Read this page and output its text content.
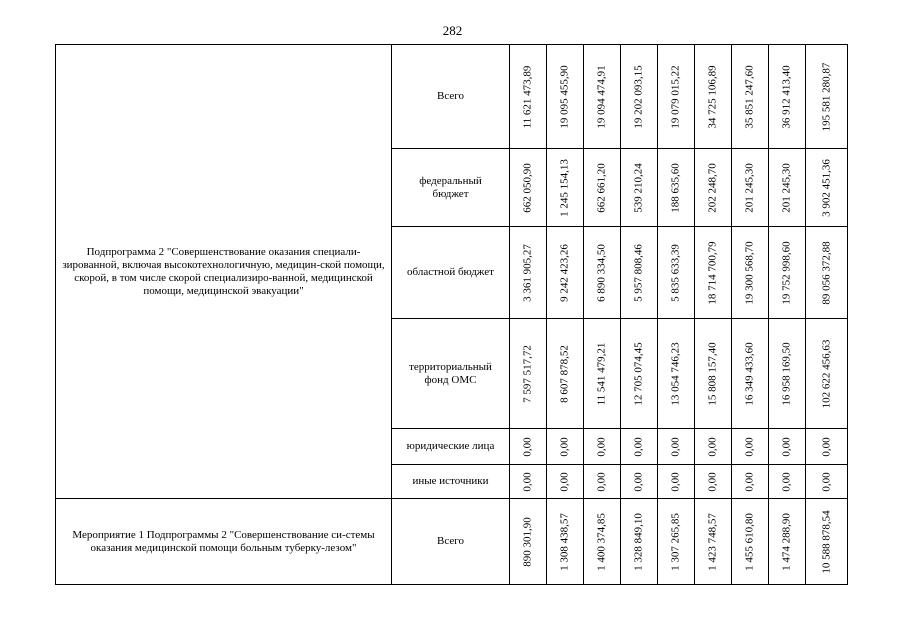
282
Подпрограмма 2 "Совершенствование оказания специали-зированной, включая высокотехнологичную, медицин-ской помощи, скорой, в том числе скорой специализиро-ванной, медицинской помощи, медицинской эвакуации"	Всего	11 621 473,89	19 095 455,90	19 094 474,91	19 202 093,15	19 079 015,22	34 725 106,89	35 851 247,60	36 912 413,40	195 581 280,87

	федеральный бюджет	662 050,90	1 245 154,13	662 661,20	539 210,24	188 635,60	202 248,70	201 245,30	201 245,30	3 902 451,36

	областной бюджет	3 361 905,27	9 242 423,26	6 890 334,50	5 957 808,46	5 835 633,39	18 714 700,79	19 300 568,70	19 752 998,60	89 056 372,88

	территориальный фонд ОМС	7 597 517,72	8 607 878,52	11 541 479,21	12 705 074,45	13 054 746,23	15 808 157,40	16 349 433,60	16 958 169,50	102 622 456,63

	юридические лица	0,00	0,00	0,00	0,00	0,00	0,00	0,00	0,00	0,00

	иные источники	0,00	0,00	0,00	0,00	0,00	0,00	0,00	0,00	0,00

Мероприятие 1 Подпрограммы 2 "Совершенствование си-стемы оказания медицинской помощи больным туберку-лезом"	Всего	890 301,90	1 308 438,57	1 400 374,85	1 328 849,10	1 307 265,85	1 423 748,57	1 455 610,80	1 474 288,90	10 588 878,54
